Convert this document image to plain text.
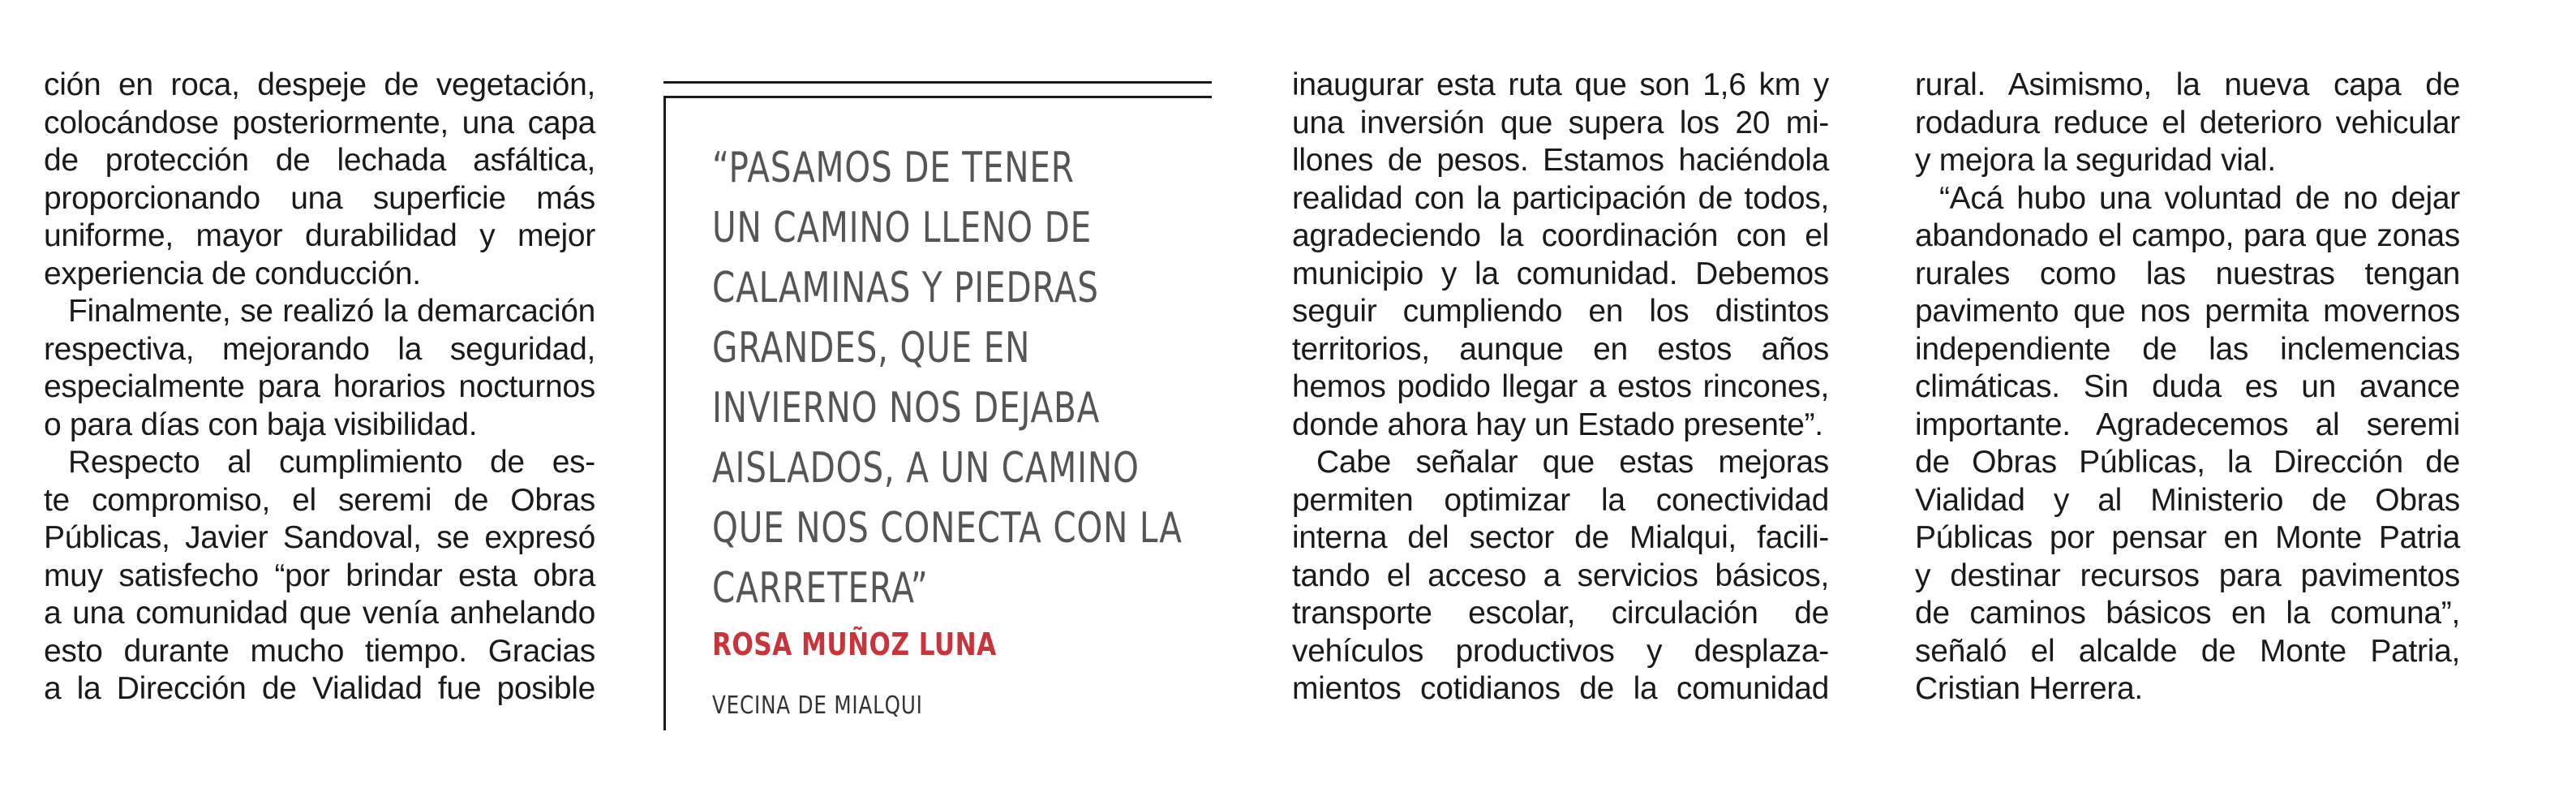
ción en roca, despeje de vegetación,
colocándose posteriormente, una capa
de protección de lechada asfáltica,
proporcionando una superficie más
uniforme, mayor durabilidad y mejor
experiencia de conducción.
Finalmente, se realizó la demarcación
respectiva, mejorando la seguridad,
especialmente para horarios nocturnos
o para días con baja visibilidad.
Respecto al cumplimiento de es-
te compromiso, el seremi de Obras
Públicas, Javier Sandoval, se expresó
muy satisfecho “por brindar esta obra
a una comunidad que venía anhelando
esto durante mucho tiempo. Gracias
a la Dirección de Vialidad fue posible
“PASAMOS DE TENER
UN CAMINO LLENO DE
CALAMINAS Y PIEDRAS
GRANDES, QUE EN
INVIERNO NOS DEJABA
AISLADOS, A UN CAMINO
QUE NOS CONECTA CON LA
CARRETERA”
ROSA MUÑOZ LUNA
VECINA DE MIALQUI
inaugurar esta ruta que son 1,6 km y
una inversión que supera los 20 mi-
llones de pesos. Estamos haciéndola
realidad con la participación de todos,
agradeciendo la coordinación con el
municipio y la comunidad. Debemos
seguir cumpliendo en los distintos
territorios, aunque en estos años
hemos podido llegar a estos rincones,
donde ahora hay un Estado presente”.
Cabe señalar que estas mejoras
permiten optimizar la conectividad
interna del sector de Mialqui, facili-
tando el acceso a servicios básicos,
transporte escolar, circulación de
vehículos productivos y desplaza-
mientos cotidianos de la comunidad
rural. Asimismo, la nueva capa de
rodadura reduce el deterioro vehicular
y mejora la seguridad vial.
“Acá hubo una voluntad de no dejar
abandonado el campo, para que zonas
rurales como las nuestras tengan
pavimento que nos permita movernos
independiente de las inclemencias
climáticas. Sin duda es un avance
importante. Agradecemos al seremi
de Obras Públicas, la Dirección de
Vialidad y al Ministerio de Obras
Públicas por pensar en Monte Patria
y destinar recursos para pavimentos
de caminos básicos en la comuna”,
señaló el alcalde de Monte Patria,
Cristian Herrera.
